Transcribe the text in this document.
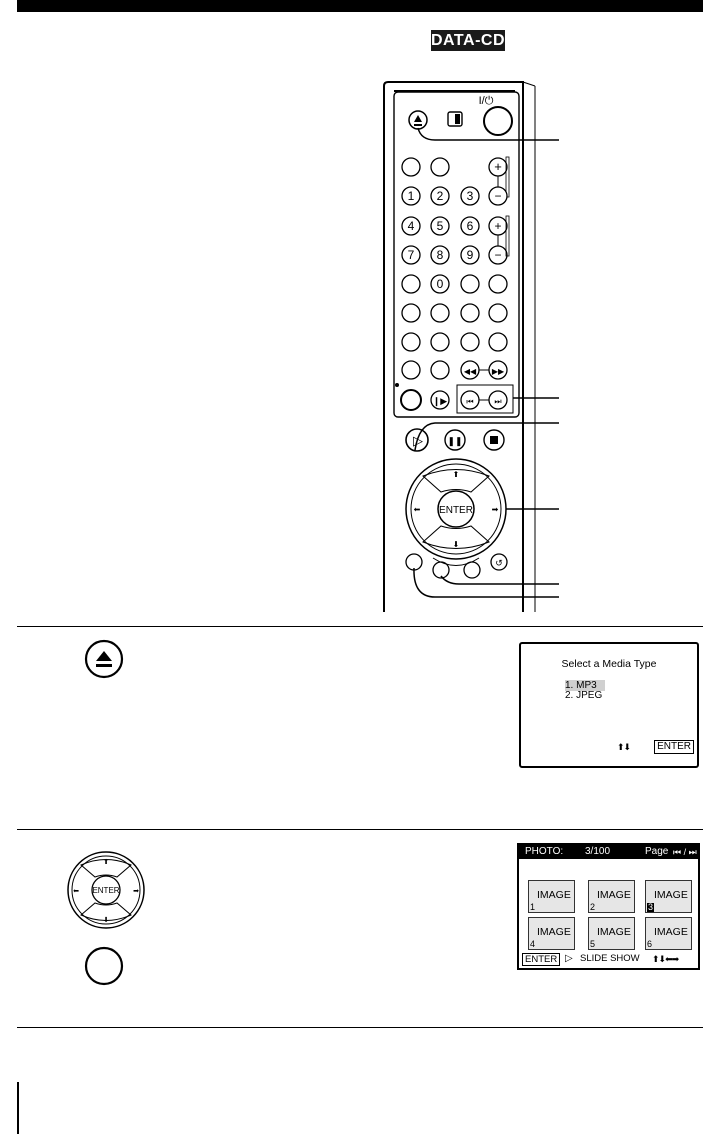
DATA-CD
I/⏻
+
1 2 3 −
4 5 6 +
7 8 9 −
0
◀◀ ▶▶
❙▶ ⏮	⏭
▷	❚❚
ENTER
⬆
⬇
⬅	➡
↺
Select a Media Type
1. MP3
2. JPEG
⬆⬇	ENTER
ENTER
⬆
⬇
⬅	➡
PHOTO: 3/100	Page ⏮ / ⏭
IMAGE
1
IMAGE
2
IMAGE
3
IMAGE
4
IMAGE
5
IMAGE
6
ENTER ▷ SLIDE SHOW ⬆⬇⬅➡
